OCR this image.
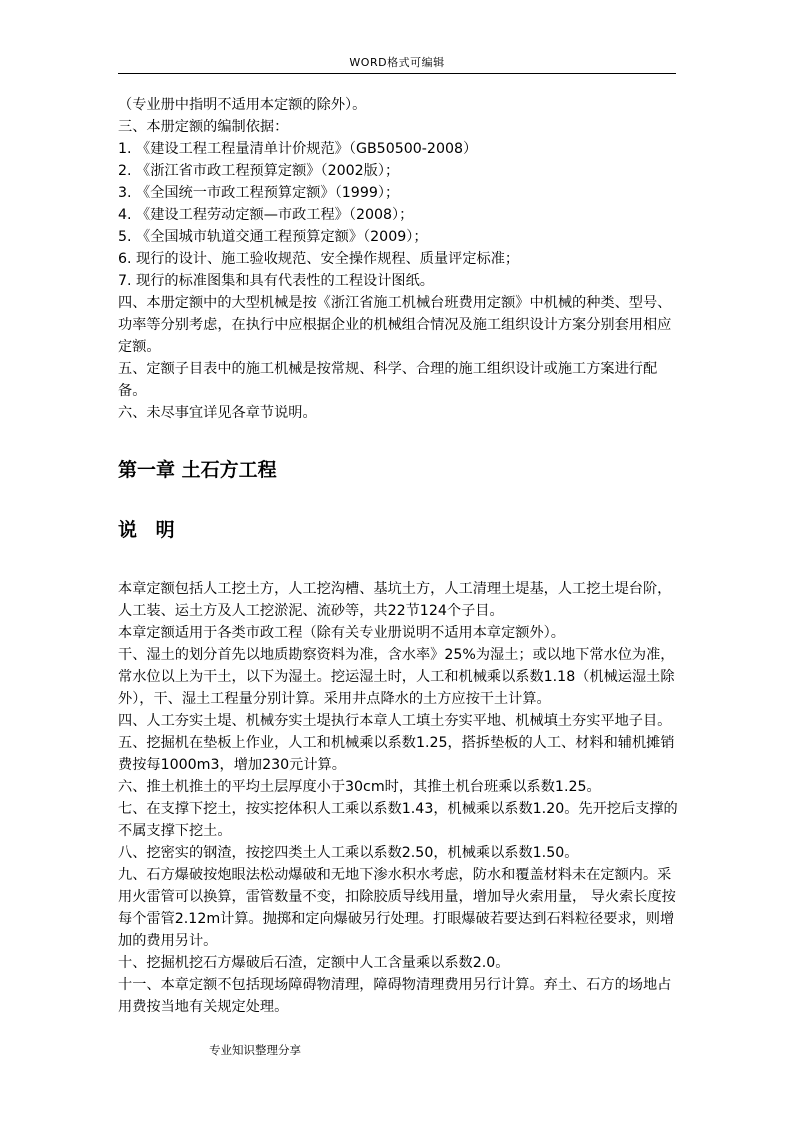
WORD格式可编辑

（专业册中指明不适用本定额的除外）。

三、本册定额的编制依据：

1. 《建设工程工程量清单计价规范》（GB50500-2008）

2. 《浙江省市政工程预算定额》（2002版）；

3. 《全国统一市政工程预算定额》（1999）；

4. 《建设工程劳动定额—市政工程》（2008）；

5. 《全国城市轨道交通工程预算定额》（2009）；

6. 现行的设计、施工验收规范、安全操作规程、质量评定标准；

7. 现行的标准图集和具有代表性的工程设计图纸。

四、本册定额中的大型机械是按《浙江省施工机械台班费用定额》中机械的种类、型号、功率等分别考虑，在执行中应根据企业的机械组合情况及施工组织设计方案分别套用相应定额。

五、定额子目表中的施工机械是按常规、科学、合理的施工组织设计或施工方案进行配备。

六、未尽事宜详见各章节说明。

第一章 土石方工程
说 明

本章定额包括人工挖土方，人工挖沟槽、基坑土方，人工清理土堤基，人工挖土堤台阶，人工装、运土方及人工挖淤泥、流砂等，共22节124个子目。

本章定额适用于各类市政工程（除有关专业册说明不适用本章定额外）。

干、湿土的划分首先以地质勘察资料为准，含水率》25%为湿土；或以地下常水位为准，常水位以上为干土，以下为湿土。挖运湿土时，人工和机械乘以系数1.18（机械运湿土除外），干、湿土工程量分别计算。采用井点降水的土方应按干土计算。

四、人工夯实土堤、机械夯实土堤执行本章人工填土夯实平地、机械填土夯实平地子目。

五、挖掘机在垫板上作业，人工和机械乘以系数1.25，搭拆垫板的人工、材料和辅机摊销费按每1000m3，增加230元计算。

六、推土机推土的平均土层厚度小于30cm时，其推土机台班乘以系数1.25。

七、在支撑下挖土，按实挖体积人工乘以系数1.43，机械乘以系数1.20。先开挖后支撑的不属支撑下挖土。

八、挖密实的钢渣，按挖四类土人工乘以系数2.50，机械乘以系数1.50。

九、石方爆破按炮眼法松动爆破和无地下渗水积水考虑，防水和覆盖材料未在定额内。采用火雷管可以换算，雷管数量不变，扣除胶质导线用量，增加导火索用量， 导火索长度按每个雷管2.12m计算。抛掷和定向爆破另行处理。打眼爆破若要达到石料粒径要求，则增加的费用另计。

十、挖掘机挖石方爆破后石渣，定额中人工含量乘以系数2.0。

十一、本章定额不包括现场障碍物清理，障碍物清理费用另行计算。弃土、石方的场地占用费按当地有关规定处理。

专业知识整理分享
